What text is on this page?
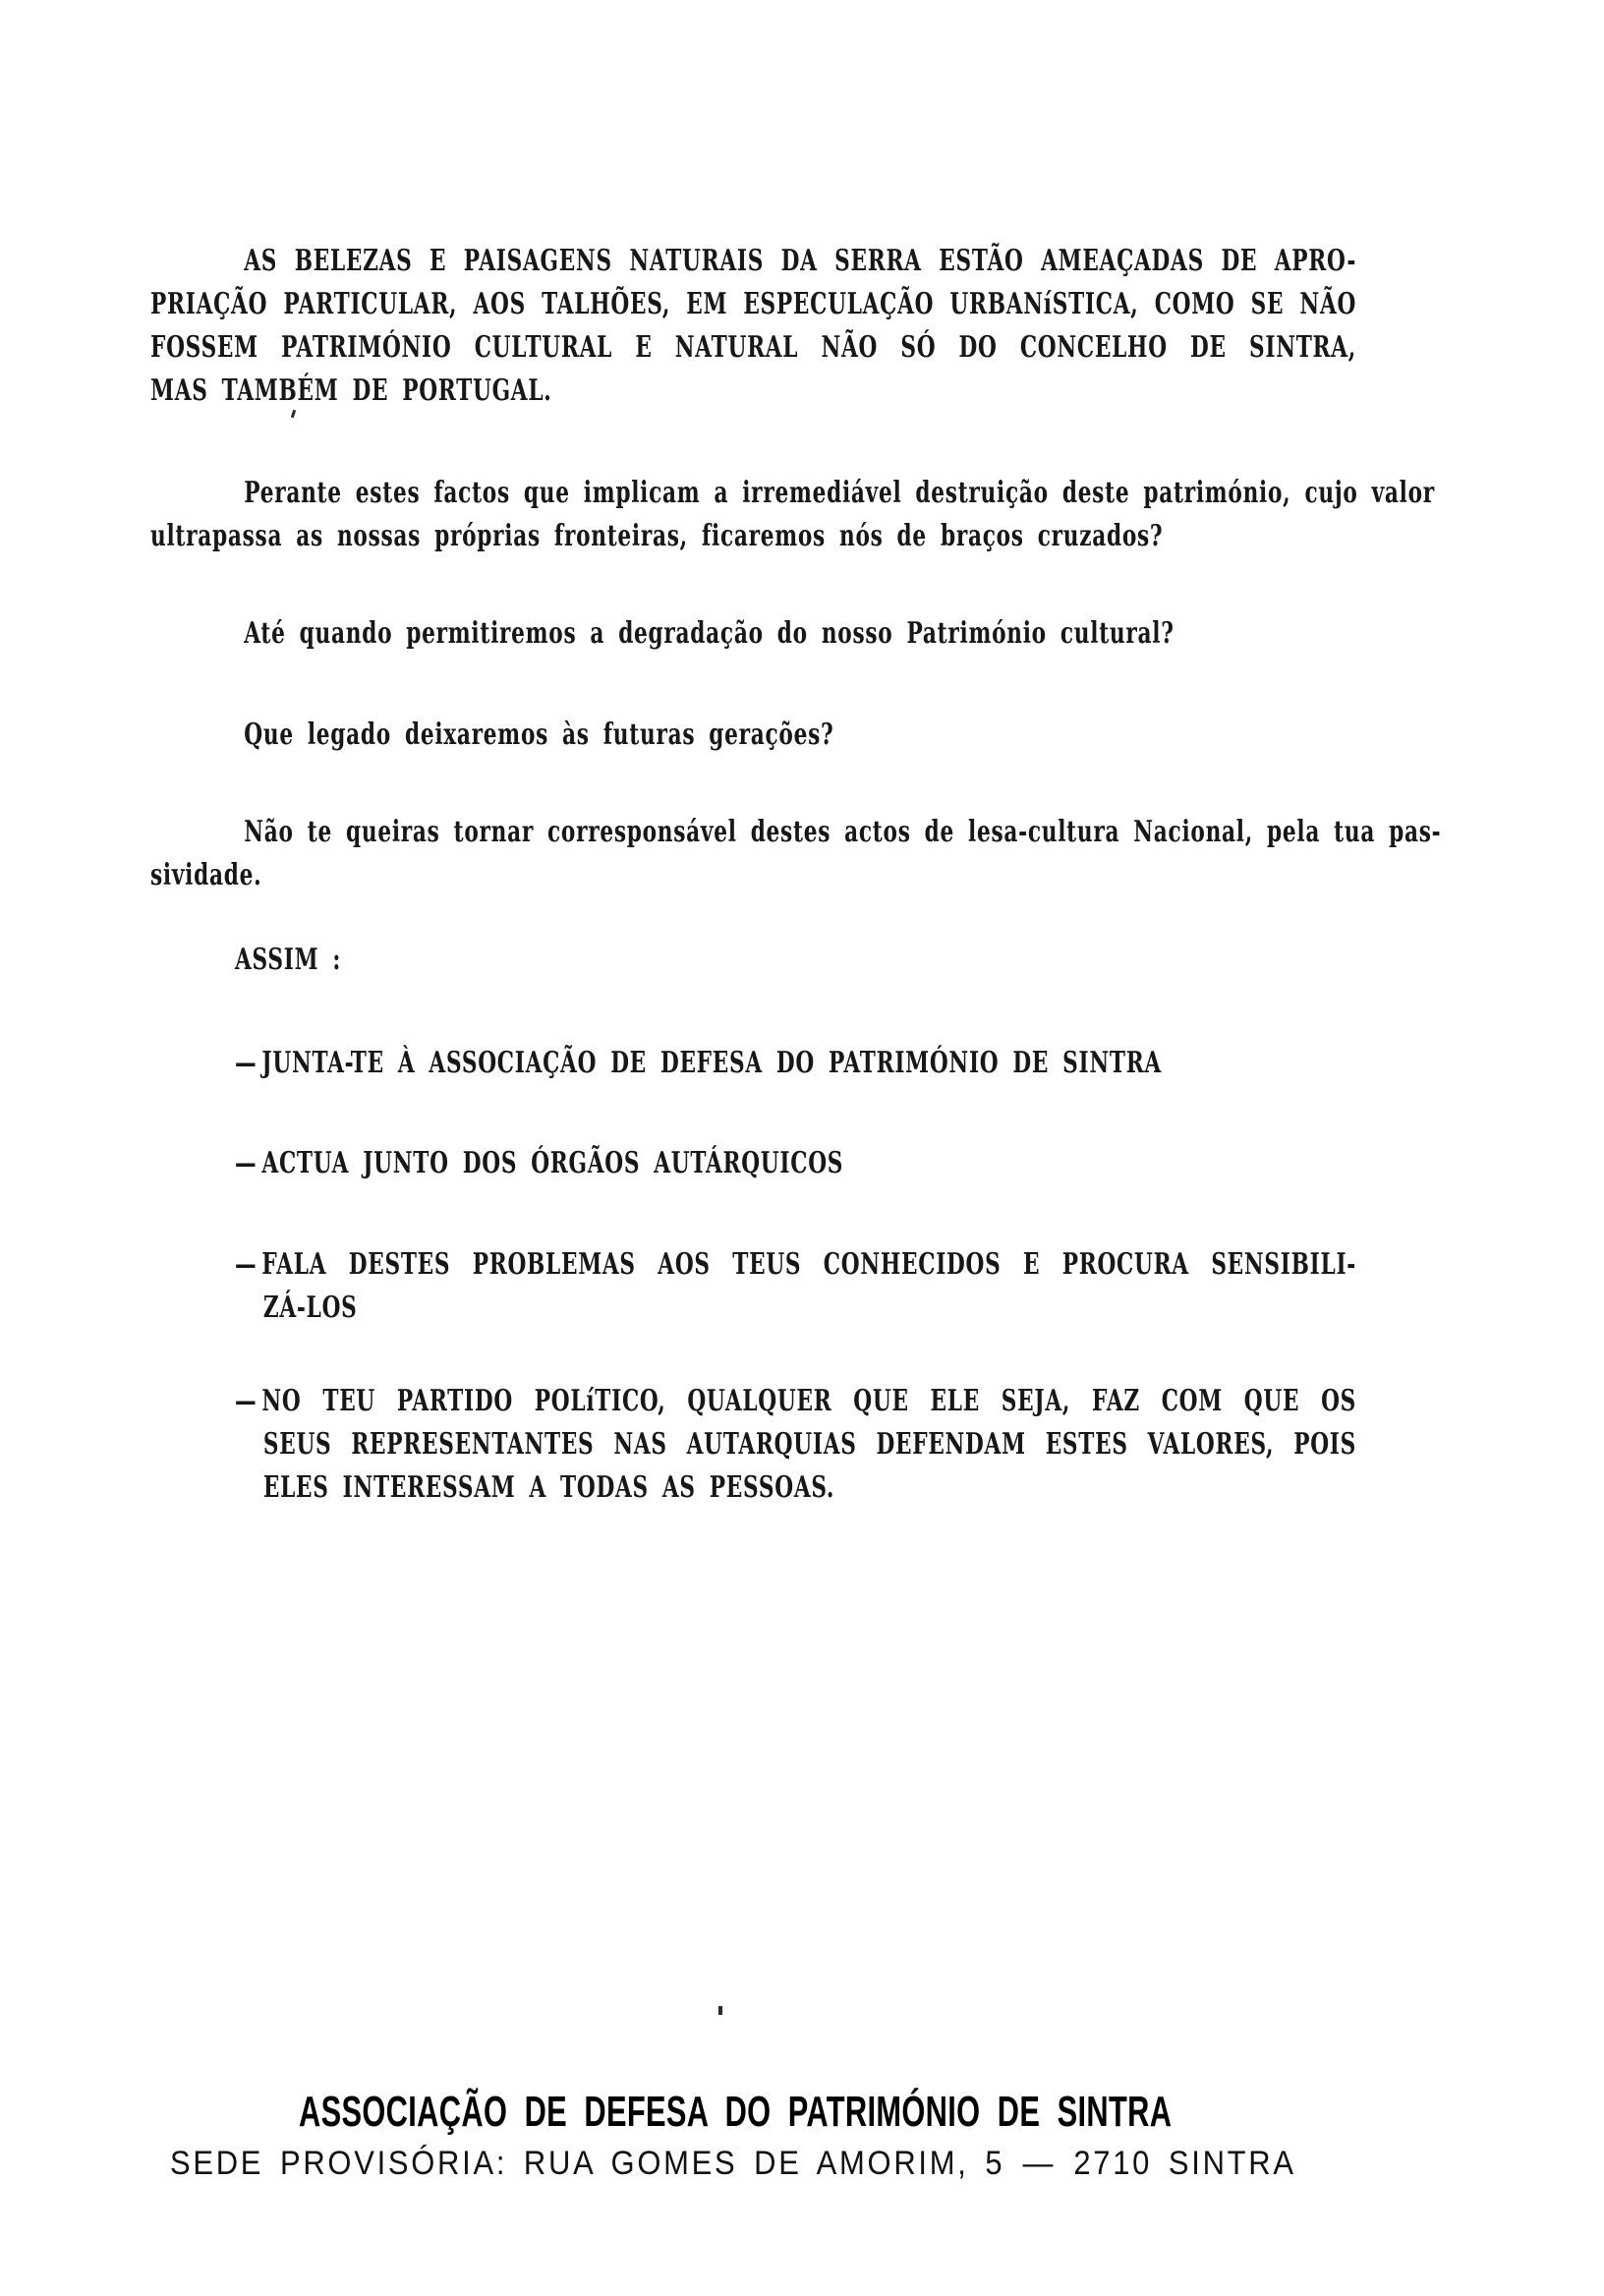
AS BELEZAS E PAISAGENS NATURAIS DA SERRA ESTÃO AMEAÇADAS DE APRO-
PRIAÇÃO PARTICULAR, AOS TALHÕES, EM ESPECULAÇÃO URBANíSTICA, COMO SE NÃO
FOSSEM PATRIMÓNIO CULTURAL E NATURAL NÃO SÓ DO CONCELHO DE SINTRA,
MAS TAMBÉM DE PORTUGAL.
Perante estes factos que implicam a irremediável destruição deste património, cujo valor
ultrapassa as nossas próprias fronteiras, ficaremos nós de braços cruzados?
Até quando permitiremos a degradação do nosso Património cultural?
Que legado deixaremos às futuras gerações?
Não te queiras tornar corresponsável destes actos de lesa-cultura Nacional, pela tua pas-
sividade.
ASSIM :
— JUNTA-TE À ASSOCIAÇÃO DE DEFESA DO PATRIMÓNIO DE SINTRA
— ACTUA JUNTO DOS ÓRGÃOS AUTÁRQUICOS
— FALA DESTES PROBLEMAS AOS TEUS CONHECIDOS E PROCURA SENSIBILI-
ZÁ-LOS
— NO TEU PARTIDO POLíTICO, QUALQUER QUE ELE SEJA, FAZ COM QUE OS
SEUS REPRESENTANTES NAS AUTARQUIAS DEFENDAM ESTES VALORES, POIS
ELES INTERESSAM A TODAS AS PESSOAS.
ASSOCIAÇÃO DE DEFESA DO PATRIMÓNIO DE SINTRA
SEDE PROVISÓRIA: RUA GOMES DE AMORIM, 5 — 2710 SINTRA
